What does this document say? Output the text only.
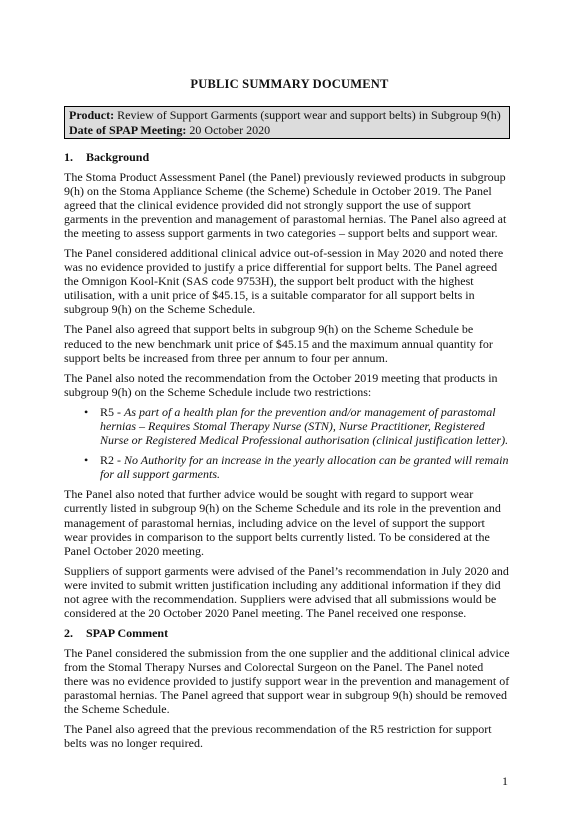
PUBLIC SUMMARY DOCUMENT
Product: Review of Support Garments (support wear and support belts) in Subgroup 9(h)
Date of SPAP Meeting: 20 October 2020
1. Background

The Stoma Product Assessment Panel (the Panel) previously reviewed products in subgroup 9(h) on the Stoma Appliance Scheme (the Scheme) Schedule in October 2019. The Panel agreed that the clinical evidence provided did not strongly support the use of support garments in the prevention and management of parastomal hernias. The Panel also agreed at the meeting to assess support garments in two categories – support belts and support wear.

The Panel considered additional clinical advice out-of-session in May 2020 and noted there was no evidence provided to justify a price differential for support belts. The Panel agreed the Omnigon Kool-Knit (SAS code 9753H), the support belt product with the highest utilisation, with a unit price of $45.15, is a suitable comparator for all support belts in subgroup 9(h) on the Scheme Schedule.

The Panel also agreed that support belts in subgroup 9(h) on the Scheme Schedule be reduced to the new benchmark unit price of $45.15 and the maximum annual quantity for support belts be increased from three per annum to four per annum.

The Panel also noted the recommendation from the October 2019 meeting that products in subgroup 9(h) on the Scheme Schedule include two restrictions:

• R5 - As part of a health plan for the prevention and/or management of parastomal hernias – Requires Stomal Therapy Nurse (STN), Nurse Practitioner, Registered Nurse or Registered Medical Professional authorisation (clinical justification letter).
• R2 - No Authority for an increase in the yearly allocation can be granted will remain for all support garments.

The Panel also noted that further advice would be sought with regard to support wear currently listed in subgroup 9(h) on the Scheme Schedule and its role in the prevention and management of parastomal hernias, including advice on the level of support the support wear provides in comparison to the support belts currently listed. To be considered at the Panel October 2020 meeting.

Suppliers of support garments were advised of the Panel’s recommendation in July 2020 and were invited to submit written justification including any additional information if they did not agree with the recommendation. Suppliers were advised that all submissions would be considered at the 20 October 2020 Panel meeting. The Panel received one response.

2. SPAP Comment

The Panel considered the submission from the one supplier and the additional clinical advice from the Stomal Therapy Nurses and Colorectal Surgeon on the Panel. The Panel noted there was no evidence provided to justify support wear in the prevention and management of parastomal hernias. The Panel agreed that support wear in subgroup 9(h) should be removed the Scheme Schedule.

The Panel also agreed that the previous recommendation of the R5 restriction for support belts was no longer required.

1
